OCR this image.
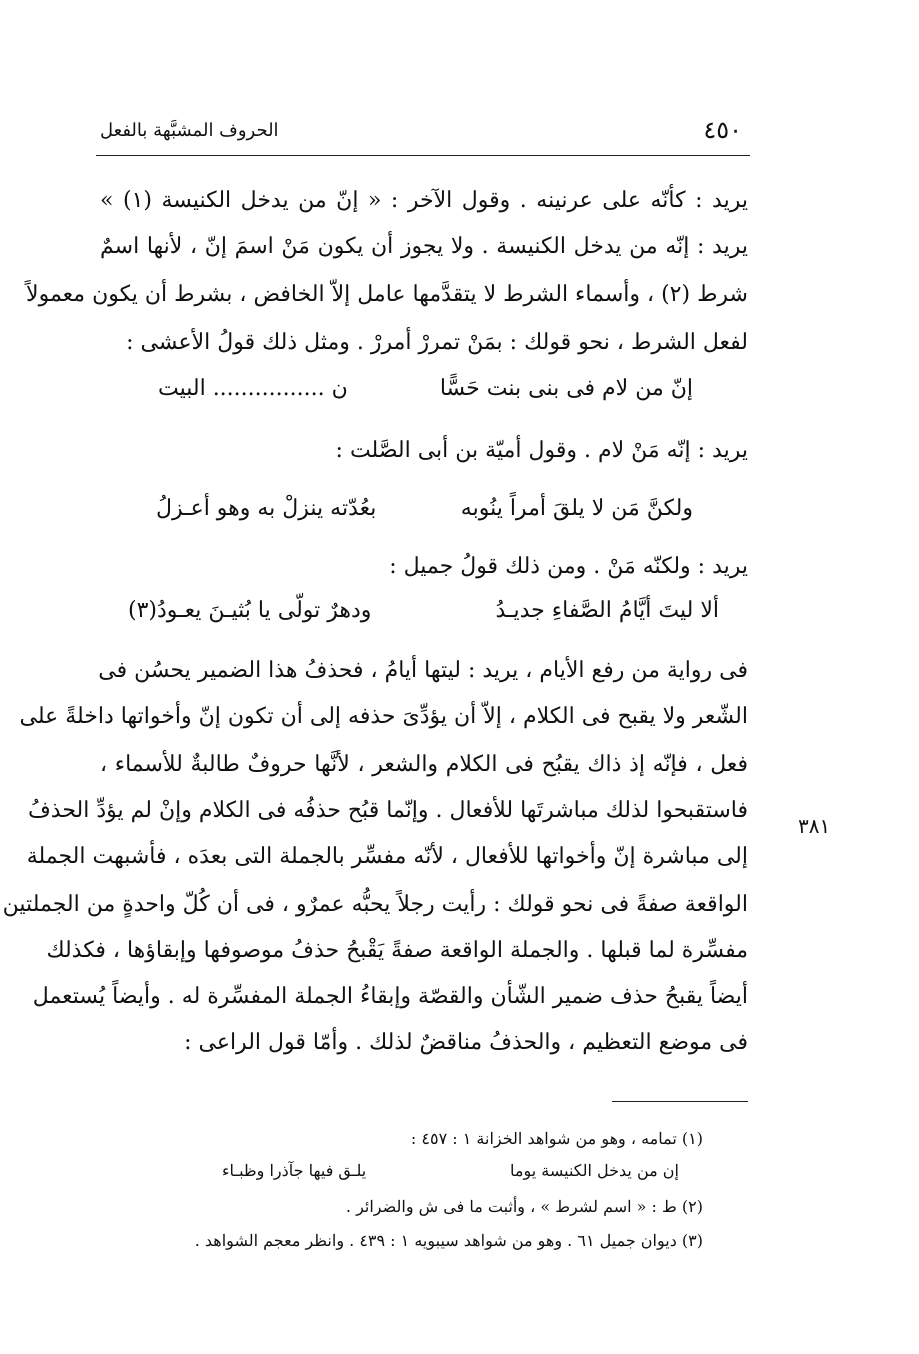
٤٥٠
الحروف المشبَّهة بالفعل
يريد : كأنّه على عرنينه . وقول الآخر : « إنّ من يدخل الكنيسة (١) »
يريد : إنّه من يدخل الكنيسة . ولا يجوز أن يكون مَنْ اسمَ إنّ ، لأنها اسمٌ
شرط (٢) ، وأسماء الشرط لا يتقدَّمها عامل إلاّ الخافض ، بشرط أن يكون معمولاً
لفعل الشرط ، نحو قولك : بمَنْ تمررْ أمررْ . ومثل ذلك قولُ الأعشى :
إنّ من لام فى بنى بنت حَسًّا
ن ................ البيت
يريد : إنّه مَنْ لام . وقول أميّة بن أبى الصَّلت :
ولكنَّ مَن لا يلقَ أمراً ينُوبه
بعُدّته ينزلْ به وهو أعـزلُ
يريد : ولكنّه مَنْ . ومن ذلك قولُ جميل :
ألا ليتَ أيَّامُ الصَّفاءِ جديـدُ
ودهرٌ تولّى يا بُثيـنَ يعـودُ(٣)
فى رواية من رفع الأيام ، يريد : ليتها أيامُ ، فحذفُ هذا الضمير يحسُن فى
الشّعر ولا يقبح فى الكلام ، إلاّ أن يؤدِّىَ حذفه إلى أن تكون إنّ وأخواتها داخلةً على
فعل ، فإنّه إذ ذاك يقبُح فى الكلام والشعر ، لأنَّها حروفٌ طالبةٌ للأسماء ،
فاستقبحوا لذلك مباشرتَها للأفعال . وإنّما قبُح حذفُه فى الكلام وإنْ لم يؤدِّ الحذفُ
إلى مباشرة إنّ وأخواتها للأفعال ، لأنّه مفسِّر بالجملة التى بعدَه ، فأشبهت الجملة
الواقعة صفةً فى نحو قولك : رأيت رجلاً يحبُّه عمرٌو ، فى أن كُلّ واحدةٍ من الجملتين
مفسِّرة لما قبلها . والجملة الواقعة صفةً يَقْبحُ حذفُ موصوفها وإبقاؤها ، فكذلك
أيضاً يقبحُ حذف ضمير الشّأن والقصّة وإبقاءُ الجملة المفسِّرة له . وأيضاً يُستعمل
فى موضع التعظيم ، والحذفُ مناقضٌ لذلك . وأمّا قول الراعى :
٣٨١
(١) تمامه ، وهو من شواهد الخزانة ١ : ٤٥٧ :
إن من يدخل الكنيسة يوما
يلـق فيها جآذرا وظبـاء
(٢) ط : « اسم لشرط » ، وأثبت ما فى ش والضرائر .
(٣) ديوان جميل ٦١ . وهو من شواهد سيبويه ١ : ٤٣٩ . وانظر معجم الشواهد .
